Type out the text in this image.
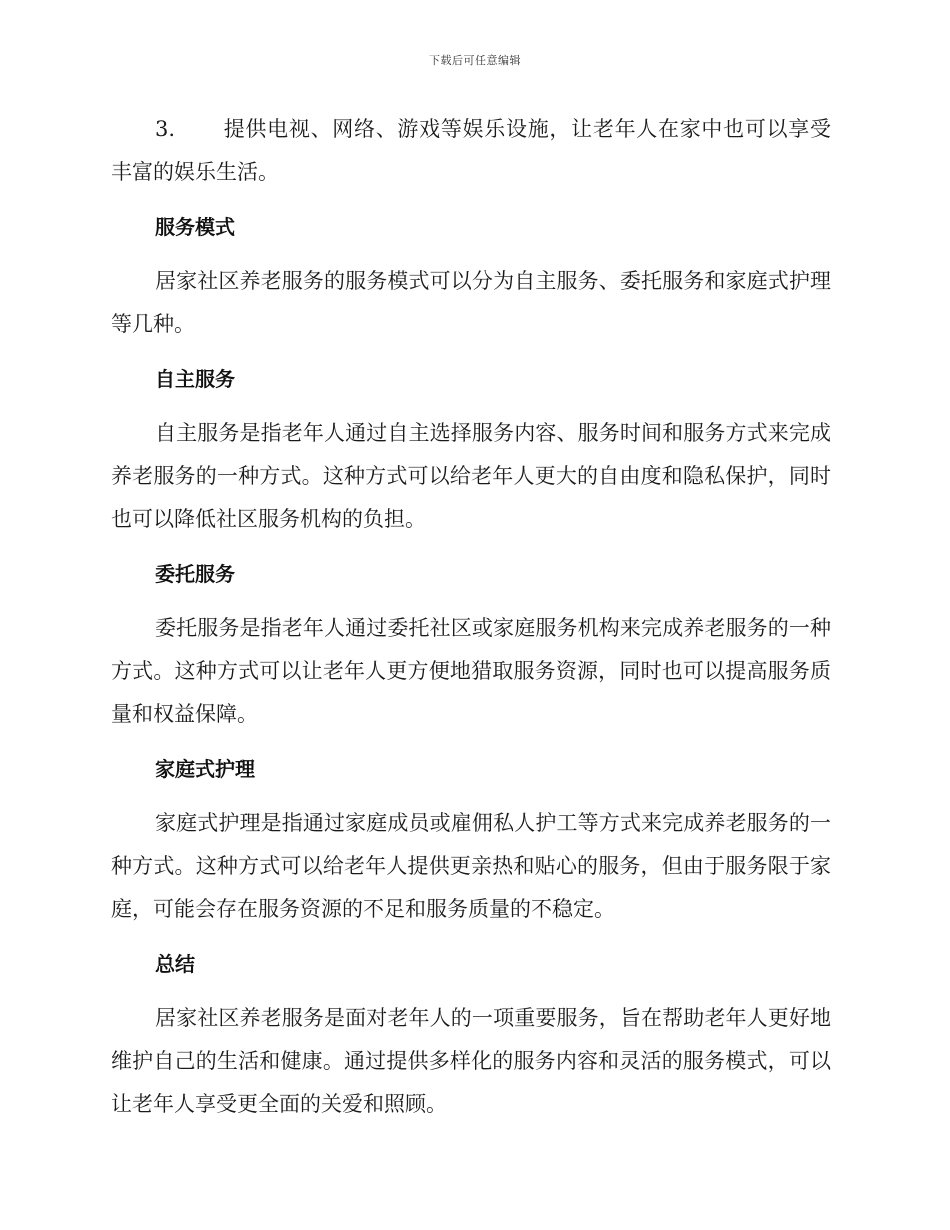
下载后可任意编辑

3. 提供电视、网络、游戏等娱乐设施，让老年人在家中也可以享受丰富的娱乐生活。

服务模式

居家社区养老服务的服务模式可以分为自主服务、委托服务和家庭式护理等几种。

自主服务

自主服务是指老年人通过自主选择服务内容、服务时间和服务方式来完成养老服务的一种方式。这种方式可以给老年人更大的自由度和隐私保护，同时也可以降低社区服务机构的负担。

委托服务

委托服务是指老年人通过委托社区或家庭服务机构来完成养老服务的一种方式。这种方式可以让老年人更方便地猎取服务资源，同时也可以提高服务质量和权益保障。

家庭式护理

家庭式护理是指通过家庭成员或雇佣私人护工等方式来完成养老服务的一种方式。这种方式可以给老年人提供更亲热和贴心的服务，但由于服务限于家庭，可能会存在服务资源的不足和服务质量的不稳定。

总结

居家社区养老服务是面对老年人的一项重要服务，旨在帮助老年人更好地维护自己的生活和健康。通过提供多样化的服务内容和灵活的服务模式，可以让老年人享受更全面的关爱和照顾。
